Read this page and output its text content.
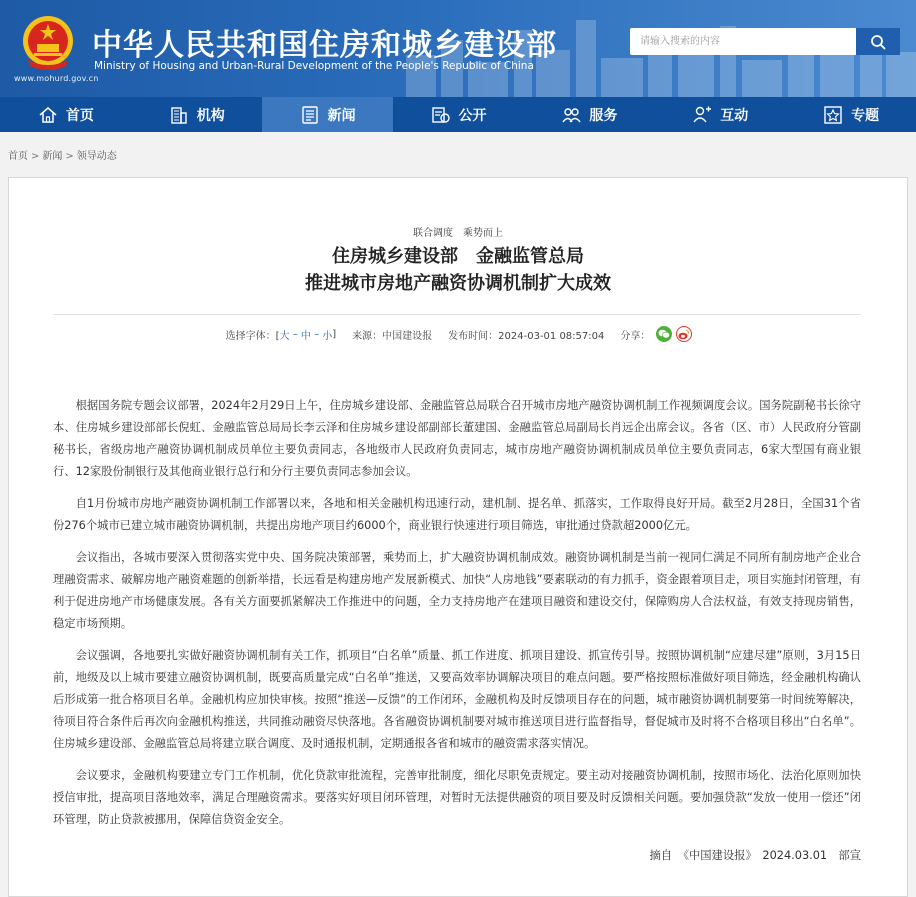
www.mohurd.gov.cn
中华人民共和国住房和城乡建设部
Ministry of Housing and Urban-Rural Development of the People's Republic of China
请输入搜索的内容
首页	机构	新闻	公开	服务	互动	专题
首页 > 新闻 > 领导动态
联合调度　乘势而上
住房城乡建设部　金融监管总局
推进城市房地产融资协调机制扩大成效
选择字体：[ 大 – 中 – 小 ] 来源：中国建设报 发布时间：2024-03-01 08:57:04 分享：

根据国务院专题会议部署，2024年2月29日上午，住房城乡建设部、金融监管总局联合召开城市房地产融资协调机制工作视频调度会议。国务院副秘书长徐守本、住房城乡建设部部长倪虹、金融监管总局局长李云泽和住房城乡建设部副部长董建国、金融监管总局副局长肖远企出席会议。各省（区、市）人民政府分管副秘书长，省级房地产融资协调机制成员单位主要负责同志，各地级市人民政府负责同志，城市房地产融资协调机制成员单位主要负责同志，6家大型国有商业银行、12家股份制银行及其他商业银行总行和分行主要负责同志参加会议。

自1月份城市房地产融资协调机制工作部署以来，各地和相关金融机构迅速行动，建机制、提名单、抓落实，工作取得良好开局。截至2月28日，全国31个省份276个城市已建立城市融资协调机制，共提出房地产项目约6000个，商业银行快速进行项目筛选，审批通过贷款超2000亿元。

会议指出，各城市要深入贯彻落实党中央、国务院决策部署，乘势而上，扩大融资协调机制成效。融资协调机制是当前一视同仁满足不同所有制房地产企业合理融资需求、破解房地产融资难题的创新举措，长远看是构建房地产发展新模式、加快“人房地钱”要素联动的有力抓手，资金跟着项目走，项目实施封闭管理，有利于促进房地产市场健康发展。各有关方面要抓紧解决工作推进中的问题，全力支持房地产在建项目融资和建设交付，保障购房人合法权益，有效支持现房销售，稳定市场预期。

会议强调，各地要扎实做好融资协调机制有关工作，抓项目“白名单”质量、抓工作进度、抓项目建设、抓宣传引导。按照协调机制“应建尽建”原则，3月15日前，地级及以上城市要建立融资协调机制，既要高质量完成“白名单”推送，又要高效率协调解决项目的难点问题。要严格按照标准做好项目筛选，经金融机构确认后形成第一批合格项目名单。金融机构应加快审核。按照“推送—反馈”的工作闭环，金融机构及时反馈项目存在的问题，城市融资协调机制要第一时间统筹解决，待项目符合条件后再次向金融机构推送，共同推动融资尽快落地。各省融资协调机制要对城市推送项目进行监督指导，督促城市及时将不合格项目移出“白名单”。住房城乡建设部、金融监管总局将建立联合调度、及时通报机制，定期通报各省和城市的融资需求落实情况。

会议要求，金融机构要建立专门工作机制，优化贷款审批流程，完善审批制度，细化尽职免责规定。要主动对接融资协调机制，按照市场化、法治化原则加快授信审批，提高项目落地效率，满足合理融资需求。要落实好项目闭环管理，对暂时无法提供融资的项目要及时反馈相关问题。要加强贷款“发放一使用一偿还”闭环管理，防止贷款被挪用，保障信贷资金安全。

摘自　《中国建设报》　2024.03.01　部宣
